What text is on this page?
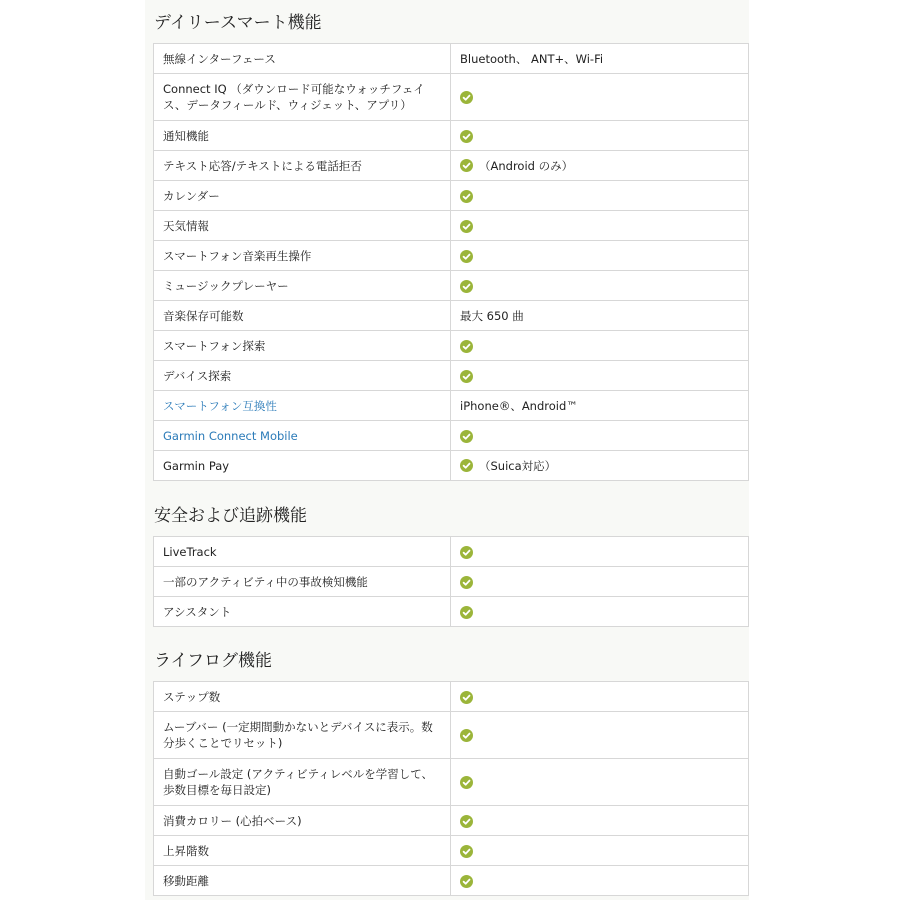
デイリースマート機能
無線インターフェース	Bluetooth、 ANT+、Wi-Fi
Connect IQ （ダウンロード可能なウォッチフェイス、データフィールド、ウィジェット、アプリ）	

通知機能	

テキスト応答/テキストによる電話拒否	（Android のみ）
カレンダー	

天気情報	

スマートフォン音楽再生操作	

ミュージックプレーヤー	

音楽保存可能数	最大 650 曲
スマートフォン探索	

デバイス探索	

スマートフォン互換性	iPhone®、Android™
Garmin Connect Mobile	

Garmin Pay	（Suica対応）
安全および追跡機能
LiveTrack	

一部のアクティビティ中の事故検知機能	

アシスタント	
ライフログ機能
ステップ数	

ムーブバー (一定期間動かないとデバイスに表示。数分歩くことでリセット)	

自動ゴール設定 (アクティビティレベルを学習して、歩数目標を毎日設定)	

消費カロリー (心拍ベース)	

上昇階数	

移動距離	
